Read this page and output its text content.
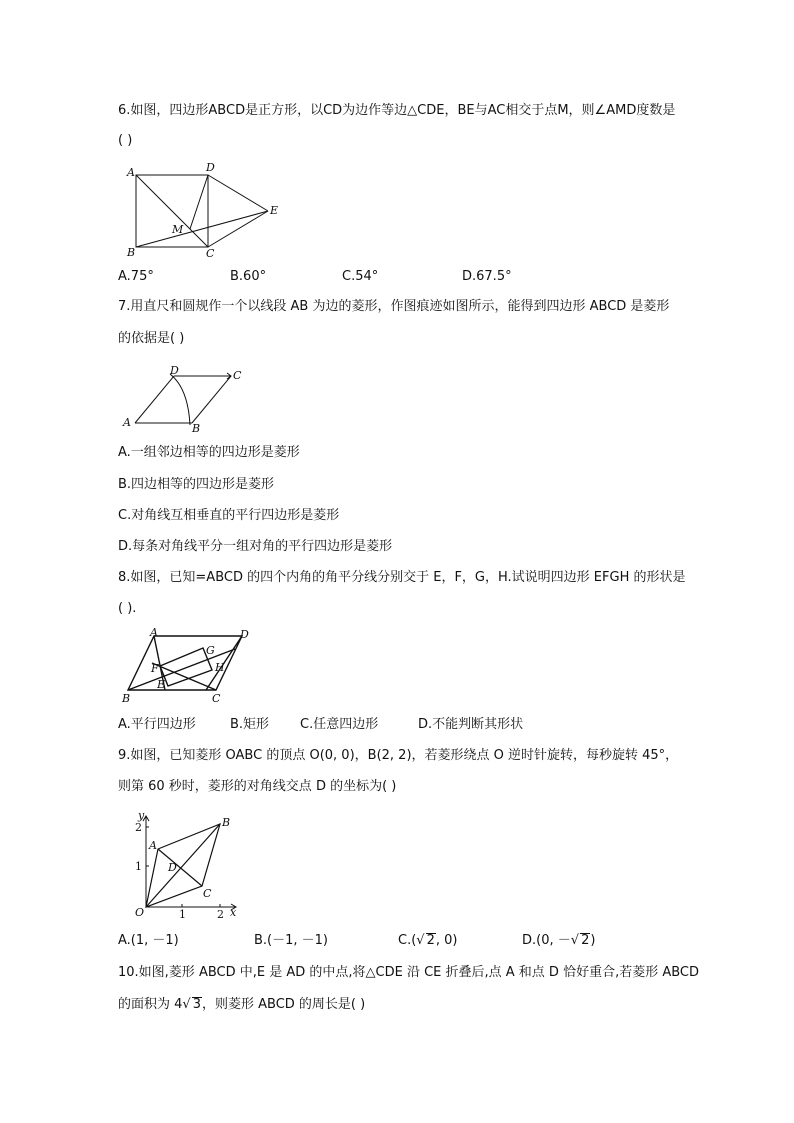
6.如图，四边形ABCD是正方形，以CD为边作等边△CDE，BE与AC相交于点M，则∠AMD度数是
( )
A	D
B	C
E
M
A.75°	B.60°	C.54°	D.67.5°
7.用直尺和圆规作一个以线段 AB 为边的菱形，作图痕迹如图所示，能得到四边形 ABCD 是菱形
的依据是( )
A	B
C
D
A.一组邻边相等的四边形是菱形
B.四边相等的四边形是菱形
C.对角线互相垂直的平行四边形是菱形
D.每条对角线平分一组对角的平行四边形是菱形
8.如图，已知=ABCD 的四个内角的角平分线分别交于 E，F，G，H.试说明四边形 EFGH 的形状是
( ).
A	D
B	C
E
F
G
H
A.平行四边形	B.矩形 C.任意四边形	D.不能判断其形状
9.如图，已知菱形 OABC 的顶点 O(0, 0)，B(2, 2)，若菱形绕点 O 逆时针旋转，每秒旋转 45°，
则第 60 秒时，菱形的对角线交点 D 的坐标为( )
O
A
B
C
D
x
y
1	2
1
2
A.(1, －1)	B.(－1, －1)	C.(√ 2, 0)	D.(0, －√ 2)
10.如图,菱形 ABCD 中,E 是 AD 的中点,将△CDE 沿 CE 折叠后,点 A 和点 D 恰好重合,若菱形 ABCD
的面积为 4√ 3，则菱形 ABCD 的周长是( )
